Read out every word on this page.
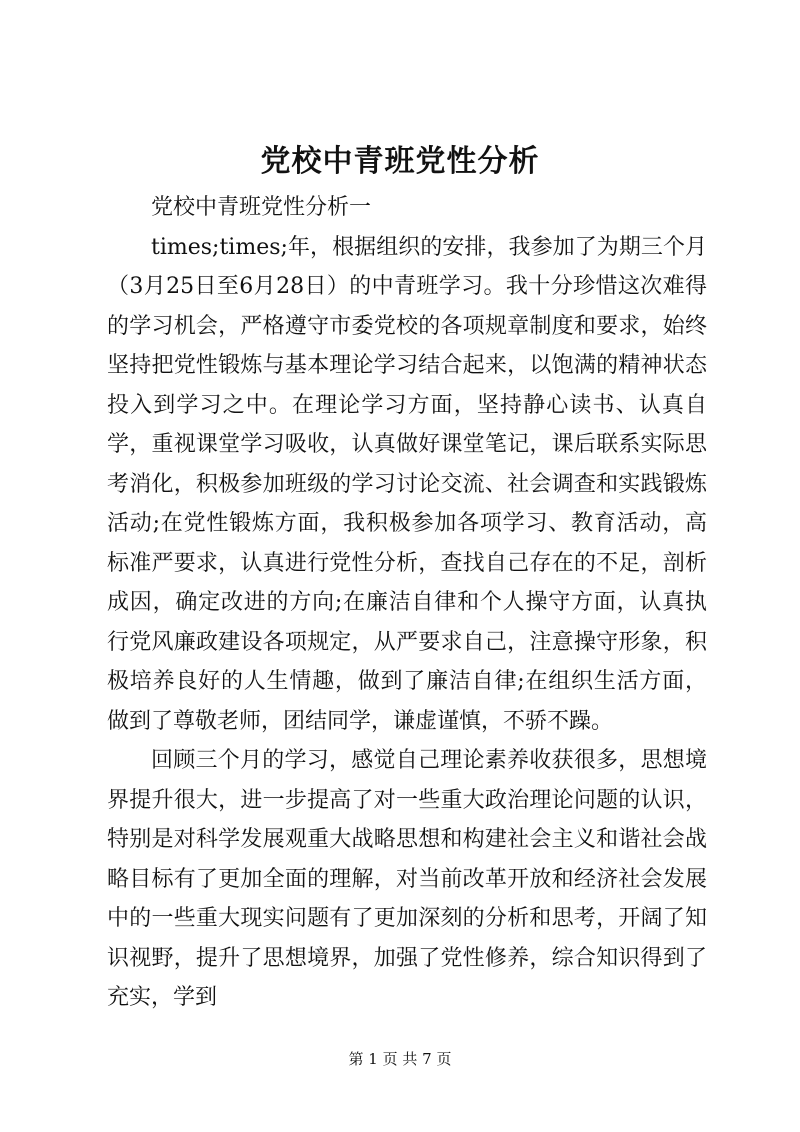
党校中青班党性分析

党校中青班党性分析一

times;times;年，根据组织的安排，我参加了为期三个月（3月25日至6月28日）的中青班学习。我十分珍惜这次难得的学习机会，严格遵守市委党校的各项规章制度和要求，始终坚持把党性锻炼与基本理论学习结合起来，以饱满的精神状态投入到学习之中。在理论学习方面，坚持静心读书、认真自学，重视课堂学习吸收，认真做好课堂笔记，课后联系实际思考消化，积极参加班级的学习讨论交流、社会调查和实践锻炼活动;在党性锻炼方面，我积极参加各项学习、教育活动，高标准严要求，认真进行党性分析，查找自己存在的不足，剖析成因，确定改进的方向;在廉洁自律和个人操守方面，认真执行党风廉政建设各项规定，从严要求自己，注意操守形象，积极培养良好的人生情趣，做到了廉洁自律;在组织生活方面，做到了尊敬老师，团结同学，谦虚谨慎，不骄不躁。

回顾三个月的学习，感觉自己理论素养收获很多，思想境界提升很大，进一步提高了对一些重大政治理论问题的认识，特别是对科学发展观重大战略思想和构建社会主义和谐社会战略目标有了更加全面的理解，对当前改革开放和经济社会发展中的一些重大现实问题有了更加深刻的分析和思考，开阔了知识视野，提升了思想境界，加强了党性修养，综合知识得到了充实，学到

第 1 页 共 7 页
